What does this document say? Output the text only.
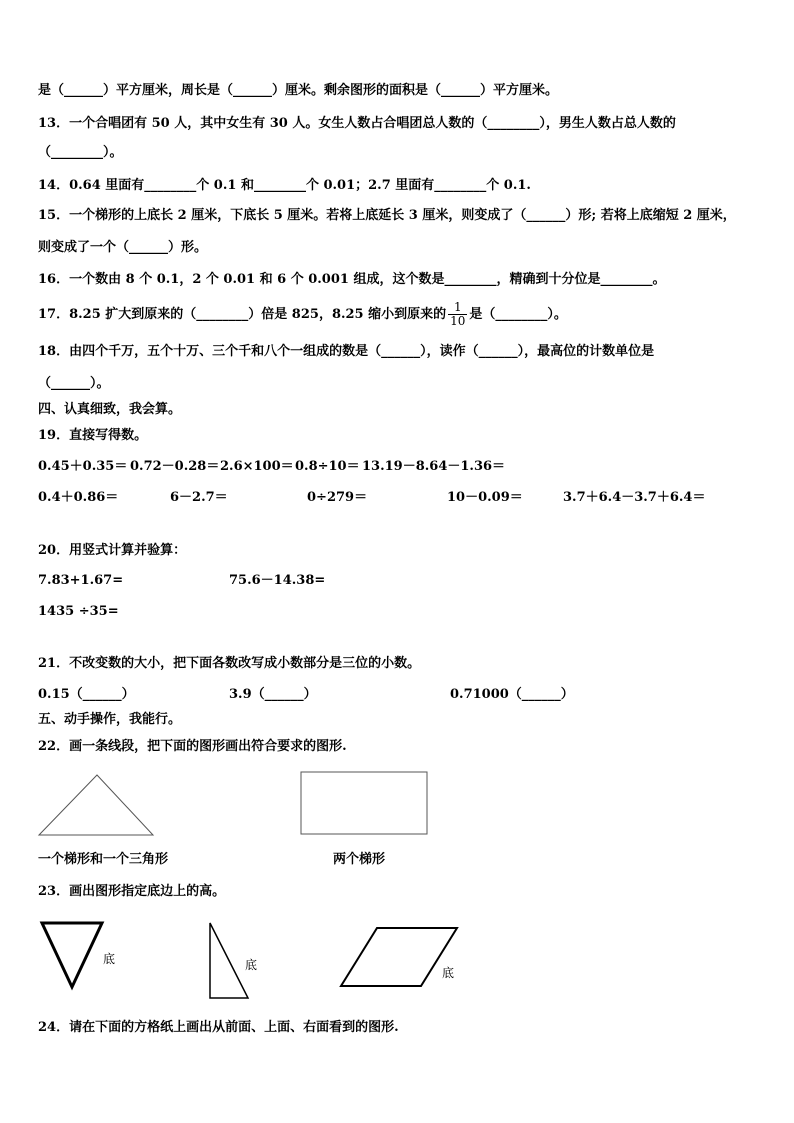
是（______）平方厘米，周长是（______）厘米。剩余图形的面积是（______）平方厘米。
13．一个合唱团有 50 人，其中女生有 30 人。女生人数占合唱团总人数的（________），男生人数占总人数的
（________）。
14．0.64 里面有________个 0.1 和________个 0.01；2.7 里面有________个 0.1.
15．一个梯形的上底长 2 厘米，下底长 5 厘米。若将上底延长 3 厘米，则变成了（______）形; 若将上底缩短 2 厘米，
则变成了一个（______）形。
16．一个数由 8 个 0.1，2 个 0.01 和 6 个 0.001 组成，这个数是________，精确到十分位是________。
17．8.25 扩大到原来的（________）倍是 825，8.25 缩小到原来的 $\frac{1}{10}$ 是（________）。
18．由四个千万，五个十万、三个千和八个一组成的数是（______），读作（______），最高位的计数单位是
（______）。
四、认真细致，我会算。
19．直接写得数。
0.45＋0.35＝ 0.72－0.28＝ 2.6×100＝ 0.8÷10＝ 13.19－8.64－1.36＝
0.4＋0.86＝	6－2.7＝	0÷279＝	10－0.09＝	3.7＋6.4－3.7＋6.4＝
20．用竖式计算并验算：
7.83+1.67=	75.6－14.38=
1435 ÷35=
21．不改变数的大小，把下面各数改写成小数部分是三位的小数。
0.15（______）	3.9（______）	0.71000（______）
五、动手操作，我能行。
22．画一条线段，把下面的图形画出符合要求的图形.
一个梯形和一个三角形	两个梯形
23．画出图形指定底边上的高。
底	底
底
24．请在下面的方格纸上画出从前面、上面、右面看到的图形.
